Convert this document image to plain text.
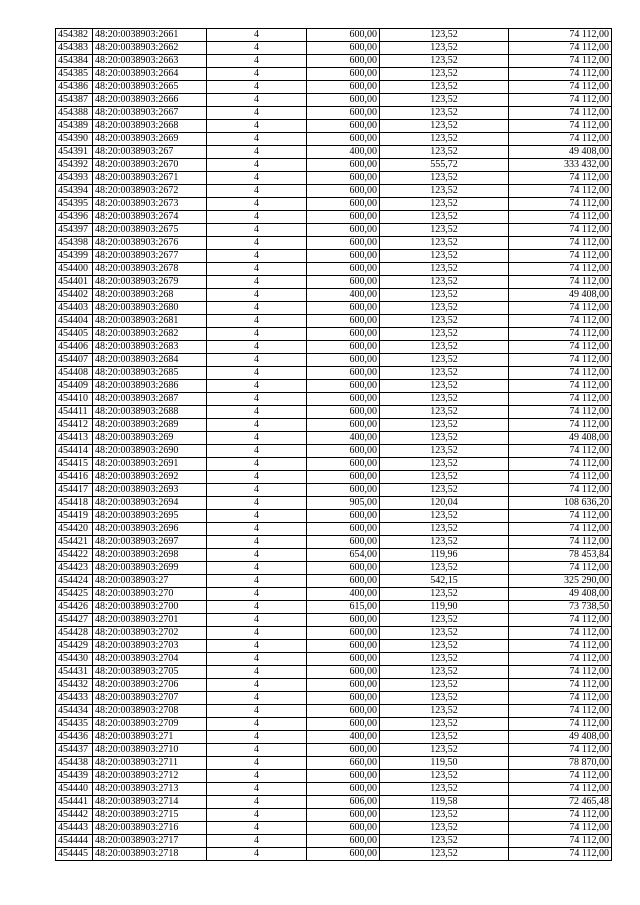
454382	48:20:0038903:2661	4	600,00	123,52	74 112,00
454383	48:20:0038903:2662	4	600,00	123,52	74 112,00
454384	48:20:0038903:2663	4	600,00	123,52	74 112,00
454385	48:20:0038903:2664	4	600,00	123,52	74 112,00
454386	48:20:0038903:2665	4	600,00	123,52	74 112,00
454387	48:20:0038903:2666	4	600,00	123,52	74 112,00
454388	48:20:0038903:2667	4	600,00	123,52	74 112,00
454389	48:20:0038903:2668	4	600,00	123,52	74 112,00
454390	48:20:0038903:2669	4	600,00	123,52	74 112,00
454391	48:20:0038903:267	4	400,00	123,52	49 408,00
454392	48:20:0038903:2670	4	600,00	555,72	333 432,00
454393	48:20:0038903:2671	4	600,00	123,52	74 112,00
454394	48:20:0038903:2672	4	600,00	123,52	74 112,00
454395	48:20:0038903:2673	4	600,00	123,52	74 112,00
454396	48:20:0038903:2674	4	600,00	123,52	74 112,00
454397	48:20:0038903:2675	4	600,00	123,52	74 112,00
454398	48:20:0038903:2676	4	600,00	123,52	74 112,00
454399	48:20:0038903:2677	4	600,00	123,52	74 112,00
454400	48:20:0038903:2678	4	600,00	123,52	74 112,00
454401	48:20:0038903:2679	4	600,00	123,52	74 112,00
454402	48:20:0038903:268	4	400,00	123,52	49 408,00
454403	48:20:0038903:2680	4	600,00	123,52	74 112,00
454404	48:20:0038903:2681	4	600,00	123,52	74 112,00
454405	48:20:0038903:2682	4	600,00	123,52	74 112,00
454406	48:20:0038903:2683	4	600,00	123,52	74 112,00
454407	48:20:0038903:2684	4	600,00	123,52	74 112,00
454408	48:20:0038903:2685	4	600,00	123,52	74 112,00
454409	48:20:0038903:2686	4	600,00	123,52	74 112,00
454410	48:20:0038903:2687	4	600,00	123,52	74 112,00
454411	48:20:0038903:2688	4	600,00	123,52	74 112,00
454412	48:20:0038903:2689	4	600,00	123,52	74 112,00
454413	48:20:0038903:269	4	400,00	123,52	49 408,00
454414	48:20:0038903:2690	4	600,00	123,52	74 112,00
454415	48:20:0038903:2691	4	600,00	123,52	74 112,00
454416	48:20:0038903:2692	4	600,00	123,52	74 112,00
454417	48:20:0038903:2693	4	600,00	123,52	74 112,00
454418	48:20:0038903:2694	4	905,00	120,04	108 636,20
454419	48:20:0038903:2695	4	600,00	123,52	74 112,00
454420	48:20:0038903:2696	4	600,00	123,52	74 112,00
454421	48:20:0038903:2697	4	600,00	123,52	74 112,00
454422	48:20:0038903:2698	4	654,00	119,96	78 453,84
454423	48:20:0038903:2699	4	600,00	123,52	74 112,00
454424	48:20:0038903:27	4	600,00	542,15	325 290,00
454425	48:20:0038903:270	4	400,00	123,52	49 408,00
454426	48:20:0038903:2700	4	615,00	119,90	73 738,50
454427	48:20:0038903:2701	4	600,00	123,52	74 112,00
454428	48:20:0038903:2702	4	600,00	123,52	74 112,00
454429	48:20:0038903:2703	4	600,00	123,52	74 112,00
454430	48:20:0038903:2704	4	600,00	123,52	74 112,00
454431	48:20:0038903:2705	4	600,00	123,52	74 112,00
454432	48:20:0038903:2706	4	600,00	123,52	74 112,00
454433	48:20:0038903:2707	4	600,00	123,52	74 112,00
454434	48:20:0038903:2708	4	600,00	123,52	74 112,00
454435	48:20:0038903:2709	4	600,00	123,52	74 112,00
454436	48:20:0038903:271	4	400,00	123,52	49 408,00
454437	48:20:0038903:2710	4	600,00	123,52	74 112,00
454438	48:20:0038903:2711	4	660,00	119,50	78 870,00
454439	48:20:0038903:2712	4	600,00	123,52	74 112,00
454440	48:20:0038903:2713	4	600,00	123,52	74 112,00
454441	48:20:0038903:2714	4	606,00	119,58	72 465,48
454442	48:20:0038903:2715	4	600,00	123,52	74 112,00
454443	48:20:0038903:2716	4	600,00	123,52	74 112,00
454444	48:20:0038903:2717	4	600,00	123,52	74 112,00
454445	48:20:0038903:2718	4	600,00	123,52	74 112,00
